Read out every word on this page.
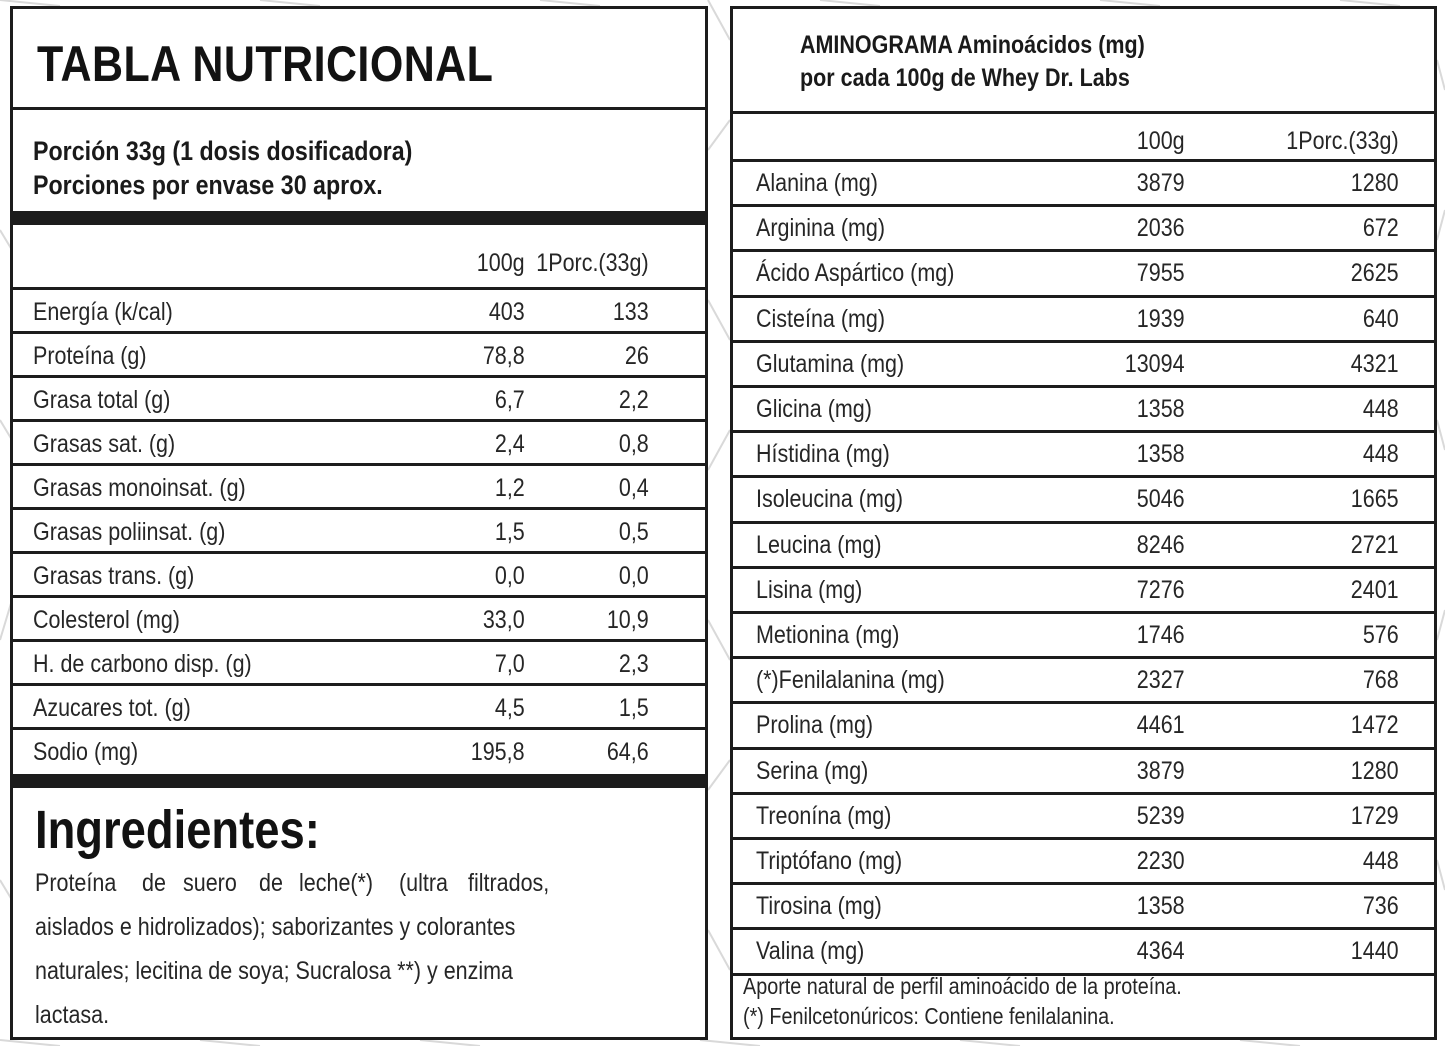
TABLA NUTRICIONAL
Porción 33g (1 dosis dosificadora)
Porciones por envase 30 aprox.
100g 1Porc.(33g)
Energía (k/cal)	403	133
Proteína (g)	78,8	26
Grasa total (g)	6,7	2,2
Grasas sat. (g)	2,4	0,8
Grasas monoinsat. (g)	1,2	0,4
Grasas poliinsat. (g)	1,5	0,5
Grasas trans. (g)	0,0	0,0
Colesterol (mg)	33,0	10,9
H. de carbono disp. (g)	7,0	2,3
Azucares tot. (g)	4,5	1,5
Sodio (mg)	195,8	64,6
Ingredientes:
Proteína de suero de leche(*) (ultra filtrados,
aislados e hidrolizados); saborizantes y colorantes
naturales; lecitina de soya; Sucralosa **) y enzima
lactasa.
AMINOGRAMA Aminoácidos (mg)
por cada 100g de Whey Dr. Labs
100g	1Porc.(33g)
Alanina (mg)	3879	1280
Arginina (mg)	2036	672
Ácido Aspártico (mg)	7955	2625
Cisteína (mg)	1939	640
Glutamina (mg)	13094	4321
Glicina (mg)	1358	448
Hístidina (mg)	1358	448
Isoleucina (mg)	5046	1665
Leucina (mg)	8246	2721
Lisina (mg)	7276	2401
Metionina (mg)	1746	576
(*)Fenilalanina (mg)	2327	768
Prolina (mg)	4461	1472
Serina (mg)	3879	1280
Treonína (mg)	5239	1729
Triptófano (mg)	2230	448
Tirosina (mg)	1358	736
Valina (mg)	4364	1440
Aporte natural de perfil aminoácido de la proteína.
(*) Fenilcetonúricos: Contiene fenilalanina.
